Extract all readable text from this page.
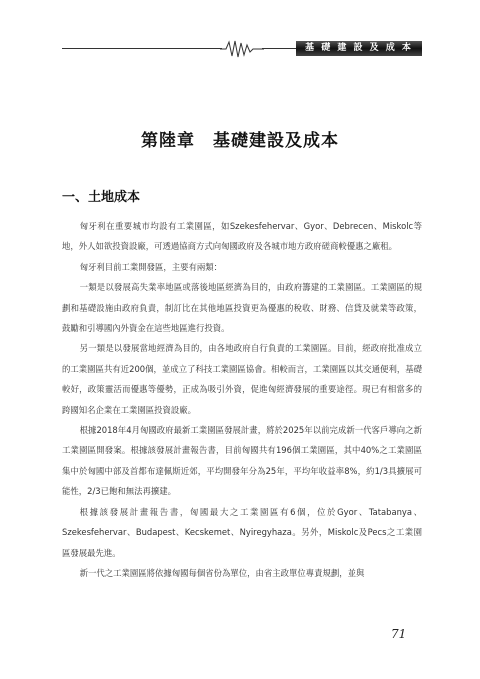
基 礎 建 設 及 成 本
第陸章　基礎建設及成本
一、土地成本

匈牙利在重要城市均設有工業園區，如Szekesfehervar、Gyor、Debrecen、Miskolc等地，外人如欲投資設廠，可透過協商方式向匈國政府及各城市地方政府磋商較優惠之廠租。

匈牙利目前工業開發區，主要有兩類：

一類是以發展高失業率地區或落後地區經濟為目的，由政府籌建的工業園區。工業園區的規劃和基礎設施由政府負責，制訂比在其他地區投資更為優惠的稅收、財務、信貸及就業等政策，鼓勵和引導國內外資金在這些地區進行投資。

另一類是以發展當地經濟為目的，由各地政府自行負責的工業園區。目前，經政府批准成立的工業園區共有近200個，並成立了科技工業園區協會。相較而言，工業園區以其交通便利，基礎較好，政策靈活而優惠等優勢，正成為吸引外資，促進匈經濟發展的重要途徑。現已有相當多的跨國知名企業在工業園區投資設廠。

根據2018年4月匈國政府最新工業園區發展計畫，將於2025年以前完成新一代客戶導向之新工業園區開發案。根據該發展計畫報告書，目前匈國共有196個工業園區，其中40%之工業園區集中於匈國中部及首都布達佩斯近郊，平均開發年分為25年，平均年收益率8%，約1/3具擴展可能性，2/3已飽和無法再擴建。

根據該發展計畫報告書，匈國最大之工業園區有6個，位於Gyor、Tatabanya、Szekesfehervar、Budapest、Kecskemet、Nyiregyhaza。另外，Miskolc及Pecs之工業園區發展最先進。

新一代之工業園區將依據匈國每個省份為單位，由省主政單位專責規劃，並與

71
